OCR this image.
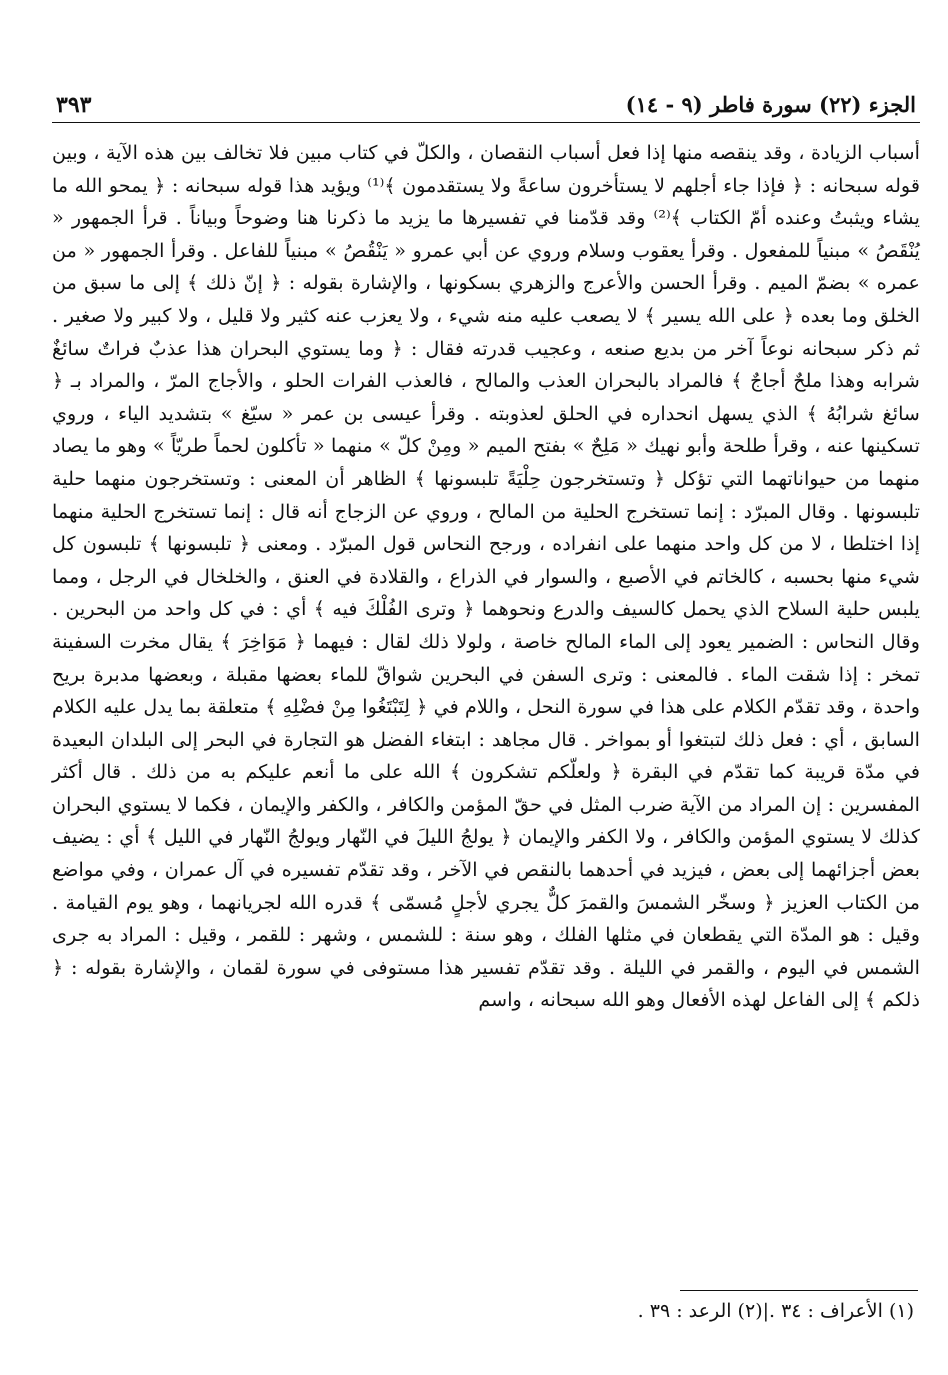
الجزء (٢٢) سورة فاطر (٩ - ١٤)
٣٩٣

أسباب الزيادة ، وقد ينقصه منها إذا فعل أسباب النقصان ، والكلّ في كتاب مبين فلا تخالف بين هذه الآية ، وبين قوله سبحانه : ﴿ فإذا جاء أجلهم لا يستأخرون ساعةً ولا يستقدمون ﴾⁽¹⁾ ويؤيد هذا قوله سبحانه : ﴿ يمحو الله ما يشاء ويثبتُ وعنده أمّ الكتاب ﴾⁽²⁾ وقد قدّمنا في تفسيرها ما يزيد ما ذكرنا هنا وضوحاً وبياناً . قرأ الجمهور « يُنْقَصُ » مبنياً للمفعول . وقرأ يعقوب وسلام وروي عن أبي عمرو « يَنْقُصُ » مبنياً للفاعل . وقرأ الجمهور « من عمره » بضمّ الميم . وقرأ الحسن والأعرج والزهري بسكونها ، والإشارة بقوله : ﴿ إنّ ذلك ﴾ إلى ما سبق من الخلق وما بعده ﴿ على الله يسير ﴾ لا يصعب عليه منه شيء ، ولا يعزب عنه كثير ولا قليل ، ولا كبير ولا صغير . ثم ذكر سبحانه نوعاً آخر من بديع صنعه ، وعجيب قدرته فقال : ﴿ وما يستوي البحران هذا عذبٌ فراتٌ سائغٌ شرابه وهذا ملحٌ أجاجٌ ﴾ فالمراد بالبحران العذب والمالح ، فالعذب الفرات الحلو ، والأجاج المرّ ، والمراد بـ ﴿ سائغ شرابُهُ ﴾ الذي يسهل انحداره في الحلق لعذوبته . وقرأ عيسى بن عمر « سيّغ » بتشديد الياء ، وروي تسكينها عنه ، وقرأ طلحة وأبو نهيك « مَلِحٌ » بفتح الميم « ومِنْ كلّ » منهما « تأكلون لحماً طريّاً » وهو ما يصاد منهما من حيواناتهما التي تؤكل ﴿ وتستخرجون حِلْيَةً تلبسونها ﴾ الظاهر أن المعنى : وتستخرجون منهما حلية تلبسونها . وقال المبرّد : إنما تستخرج الحلية من المالح ، وروي عن الزجاج أنه قال : إنما تستخرج الحلية منهما إذا اختلطا ، لا من كل واحد منهما على انفراده ، ورجح النحاس قول المبرّد . ومعنى ﴿ تلبسونها ﴾ تلبسون كل شيء منها بحسبه ، كالخاتم في الأصبع ، والسوار في الذراع ، والقلادة في العنق ، والخلخال في الرجل ، ومما يلبس حلية السلاح الذي يحمل كالسيف والدرع ونحوهما ﴿ وترى الفُلْكَ فيه ﴾ أي : في كل واحد من البحرين . وقال النحاس : الضمير يعود إلى الماء المالح خاصة ، ولولا ذلك لقال : فيهما ﴿ مَوَاخِرَ ﴾ يقال مخرت السفينة تمخر : إذا شقت الماء . فالمعنى : وترى السفن في البحرين شواقّ للماء بعضها مقبلة ، وبعضها مدبرة بريح واحدة ، وقد تقدّم الكلام على هذا في سورة النحل ، واللام في ﴿ لِتَبْتَغُوا مِنْ فضْلِهِ ﴾ متعلقة بما يدل عليه الكلام السابق ، أي : فعل ذلك لتبتغوا أو بمواخر . قال مجاهد : ابتغاء الفضل هو التجارة في البحر إلى البلدان البعيدة في مدّة قريبة كما تقدّم في البقرة ﴿ ولعلّكم تشكرون ﴾ الله على ما أنعم عليكم به من ذلك . قال أكثر المفسرين : إن المراد من الآية ضرب المثل في حقّ المؤمن والكافر ، والكفر والإيمان ، فكما لا يستوي البحران كذلك لا يستوي المؤمن والكافر ، ولا الكفر والإيمان ﴿ يولجُ الليلَ في النّهار ويولجُ النّهار في الليل ﴾ أي : يضيف بعض أجزائهما إلى بعض ، فيزيد في أحدهما بالنقص في الآخر ، وقد تقدّم تفسيره في آل عمران ، وفي مواضع من الكتاب العزيز ﴿ وسخّر الشمسَ والقمرَ كلٌّ يجري لأجلٍ مُسمّى ﴾ قدره الله لجريانهما ، وهو يوم القيامة . وقيل : هو المدّة التي يقطعان في مثلها الفلك ، وهو سنة : للشمس ، وشهر : للقمر ، وقيل : المراد به جرى الشمس في اليوم ، والقمر في الليلة . وقد تقدّم تفسير هذا مستوفى في سورة لقمان ، والإشارة بقوله : ﴿ ذلكم ﴾ إلى الفاعل لهذه الأفعال وهو الله سبحانه ، واسم

(١) الأعراف : ٣٤ .|(٢) الرعد : ٣٩ .
